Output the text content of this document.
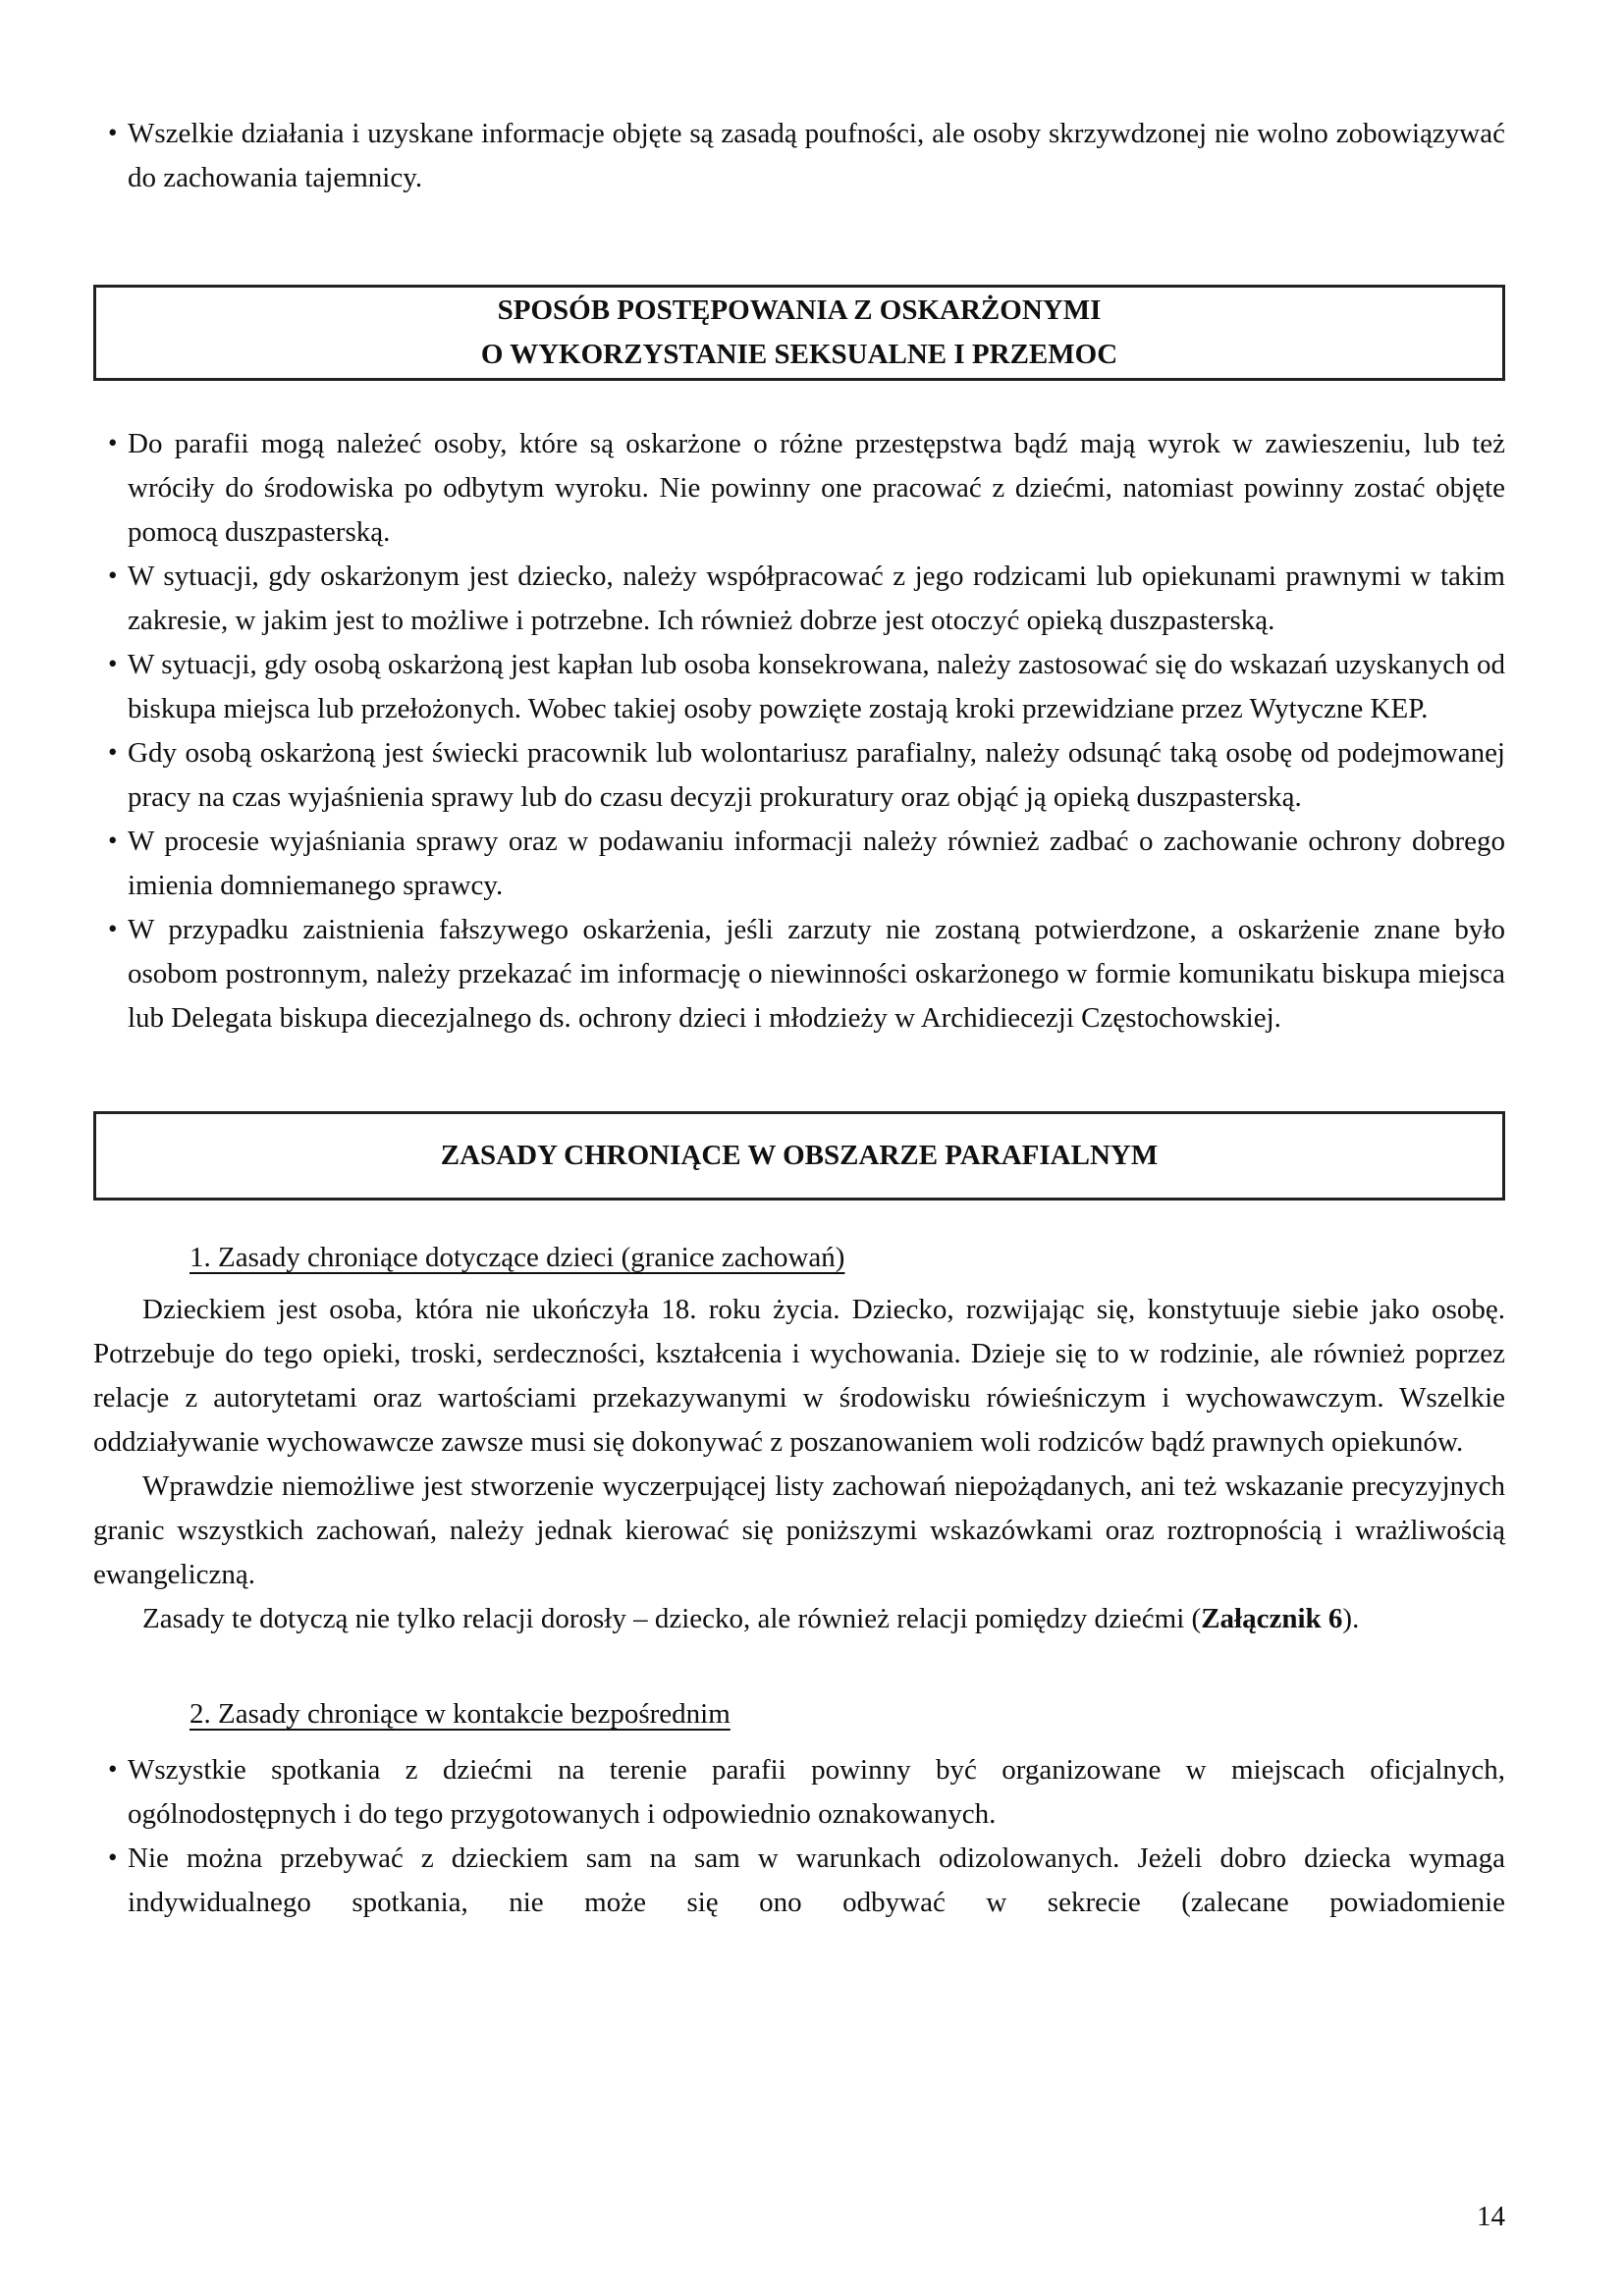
• Wszelkie działania i uzyskane informacje objęte są zasadą poufności, ale osoby skrzywdzonej nie wolno zobowiązywać do zachowania tajemnicy.
SPOSÓB POSTĘPOWANIA Z OSKARŻONYMI
O WYKORZYSTANIE SEKSUALNE I PRZEMOC
• Do parafii mogą należeć osoby, które są oskarżone o różne przestępstwa bądź mają wyrok w zawieszeniu, lub też wróciły do środowiska po odbytym wyroku. Nie powinny one pracować z dziećmi, natomiast powinny zostać objęte pomocą duszpasterską.
• W sytuacji, gdy oskarżonym jest dziecko, należy współpracować z jego rodzicami lub opiekunami prawnymi w takim zakresie, w jakim jest to możliwe i potrzebne. Ich również dobrze jest otoczyć opieką duszpasterską.
• W sytuacji, gdy osobą oskarżoną jest kapłan lub osoba konsekrowana, należy zastosować się do wskazań uzyskanych od biskupa miejsca lub przełożonych. Wobec takiej osoby powzięte zostają kroki przewidziane przez Wytyczne KEP.
• Gdy osobą oskarżoną jest świecki pracownik lub wolontariusz parafialny, należy odsunąć taką osobę od podejmowanej pracy na czas wyjaśnienia sprawy lub do czasu decyzji prokuratury oraz objąć ją opieką duszpasterską.
• W procesie wyjaśniania sprawy oraz w podawaniu informacji należy również zadbać o zachowanie ochrony dobrego imienia domniemanego sprawcy.
• W przypadku zaistnienia fałszywego oskarżenia, jeśli zarzuty nie zostaną potwierdzone, a oskarżenie znane było osobom postronnym, należy przekazać im informację o niewinności oskarżonego w formie komunikatu biskupa miejsca lub Delegata biskupa diecezjalnego ds. ochrony dzieci i młodzieży w Archidiecezji Częstochowskiej.
ZASADY CHRONIĄCE W OBSZARZE PARAFIALNYM
1. Zasady chroniące dotyczące dzieci (granice zachowań)

Dzieckiem jest osoba, która nie ukończyła 18. roku życia. Dziecko, rozwijając się, konstytuuje siebie jako osobę. Potrzebuje do tego opieki, troski, serdeczności, kształcenia i wychowania. Dzieje się to w rodzinie, ale również poprzez relacje z autorytetami oraz wartościami przekazywanymi w środowisku rówieśniczym i wychowawczym. Wszelkie oddziaływanie wychowawcze zawsze musi się dokonywać z poszanowaniem woli rodziców bądź prawnych opiekunów.

Wprawdzie niemożliwe jest stworzenie wyczerpującej listy zachowań niepożądanych, ani też wskazanie precyzyjnych granic wszystkich zachowań, należy jednak kierować się poniższymi wskazówkami oraz roztropnością i wrażliwością ewangeliczną.

Zasady te dotyczą nie tylko relacji dorosły – dziecko, ale również relacji pomiędzy dziećmi (Załącznik 6).

2. Zasady chroniące w kontakcie bezpośrednim
• Wszystkie spotkania z dziećmi na terenie parafii powinny być organizowane w miejscach oficjalnych, ogólnodostępnych i do tego przygotowanych i odpowiednio oznakowanych.
• Nie można przebywać z dzieckiem sam na sam w warunkach odizolowanych. Jeżeli dobro dziecka wymaga indywidualnego spotkania, nie może się ono odbywać w sekrecie (zalecane powiadomienie
14
